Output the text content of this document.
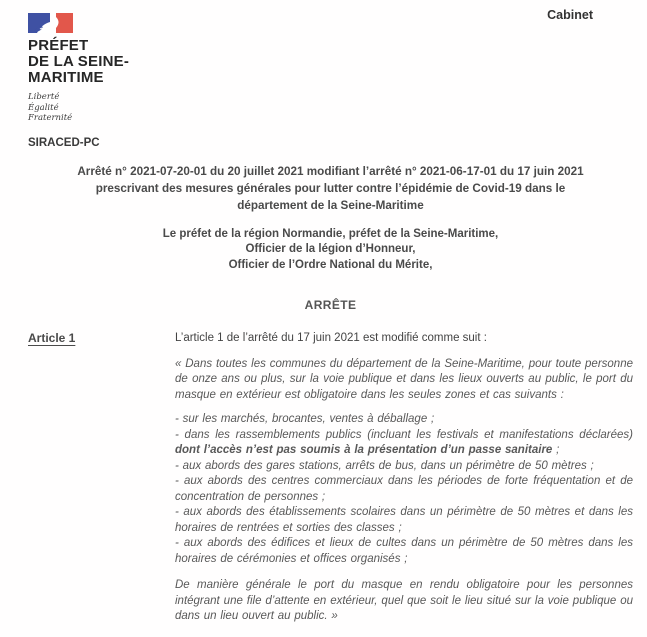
PRÉFET
DE LA SEINE-
MARITIME
Liberté
Égalité
Fraternité
Cabinet
SIRACED-PC
Arrêté n° 2021-07-20-01 du 20 juillet 2021 modifiant l’arrêté n° 2021-06-17-01 du 17 juin 2021
prescrivant des mesures générales pour lutter contre l’épidémie de Covid-19 dans le
département de la Seine-Maritime
Le préfet de la région Normandie, préfet de la Seine-Maritime,
Officier de la légion d’Honneur,
Officier de l’Ordre National du Mérite,
ARRÊTE
Article 1	L’article 1 de l’arrêté du 17 juin 2021 est modifié comme suit :

« Dans toutes les communes du département de la Seine-Maritime, pour toute personne de onze ans ou plus, sur la voie publique et dans les lieux ouverts au public, le port du masque en extérieur est obligatoire dans les seules zones et cas suivants :

- sur les marchés, brocantes, ventes à déballage ;

- dans les rassemblements publics (incluant les festivals et manifestations déclarées) dont l’accès n’est pas soumis à la présentation d’un passe sanitaire ;

- aux abords des gares stations, arrêts de bus, dans un périmètre de 50 mètres ;

- aux abords des centres commerciaux dans les périodes de forte fréquentation et de concentration de personnes ;

- aux abords des établissements scolaires dans un périmètre de 50 mètres et dans les horaires de rentrées et sorties des classes ;

- aux abords des édifices et lieux de cultes dans un périmètre de 50 mètres dans les horaires de cérémonies et offices organisés ;

De manière générale le port du masque en rendu obligatoire pour les personnes intégrant une file d’attente en extérieur, quel que soit le lieu situé sur la voie publique ou dans un lieu ouvert au public. »
